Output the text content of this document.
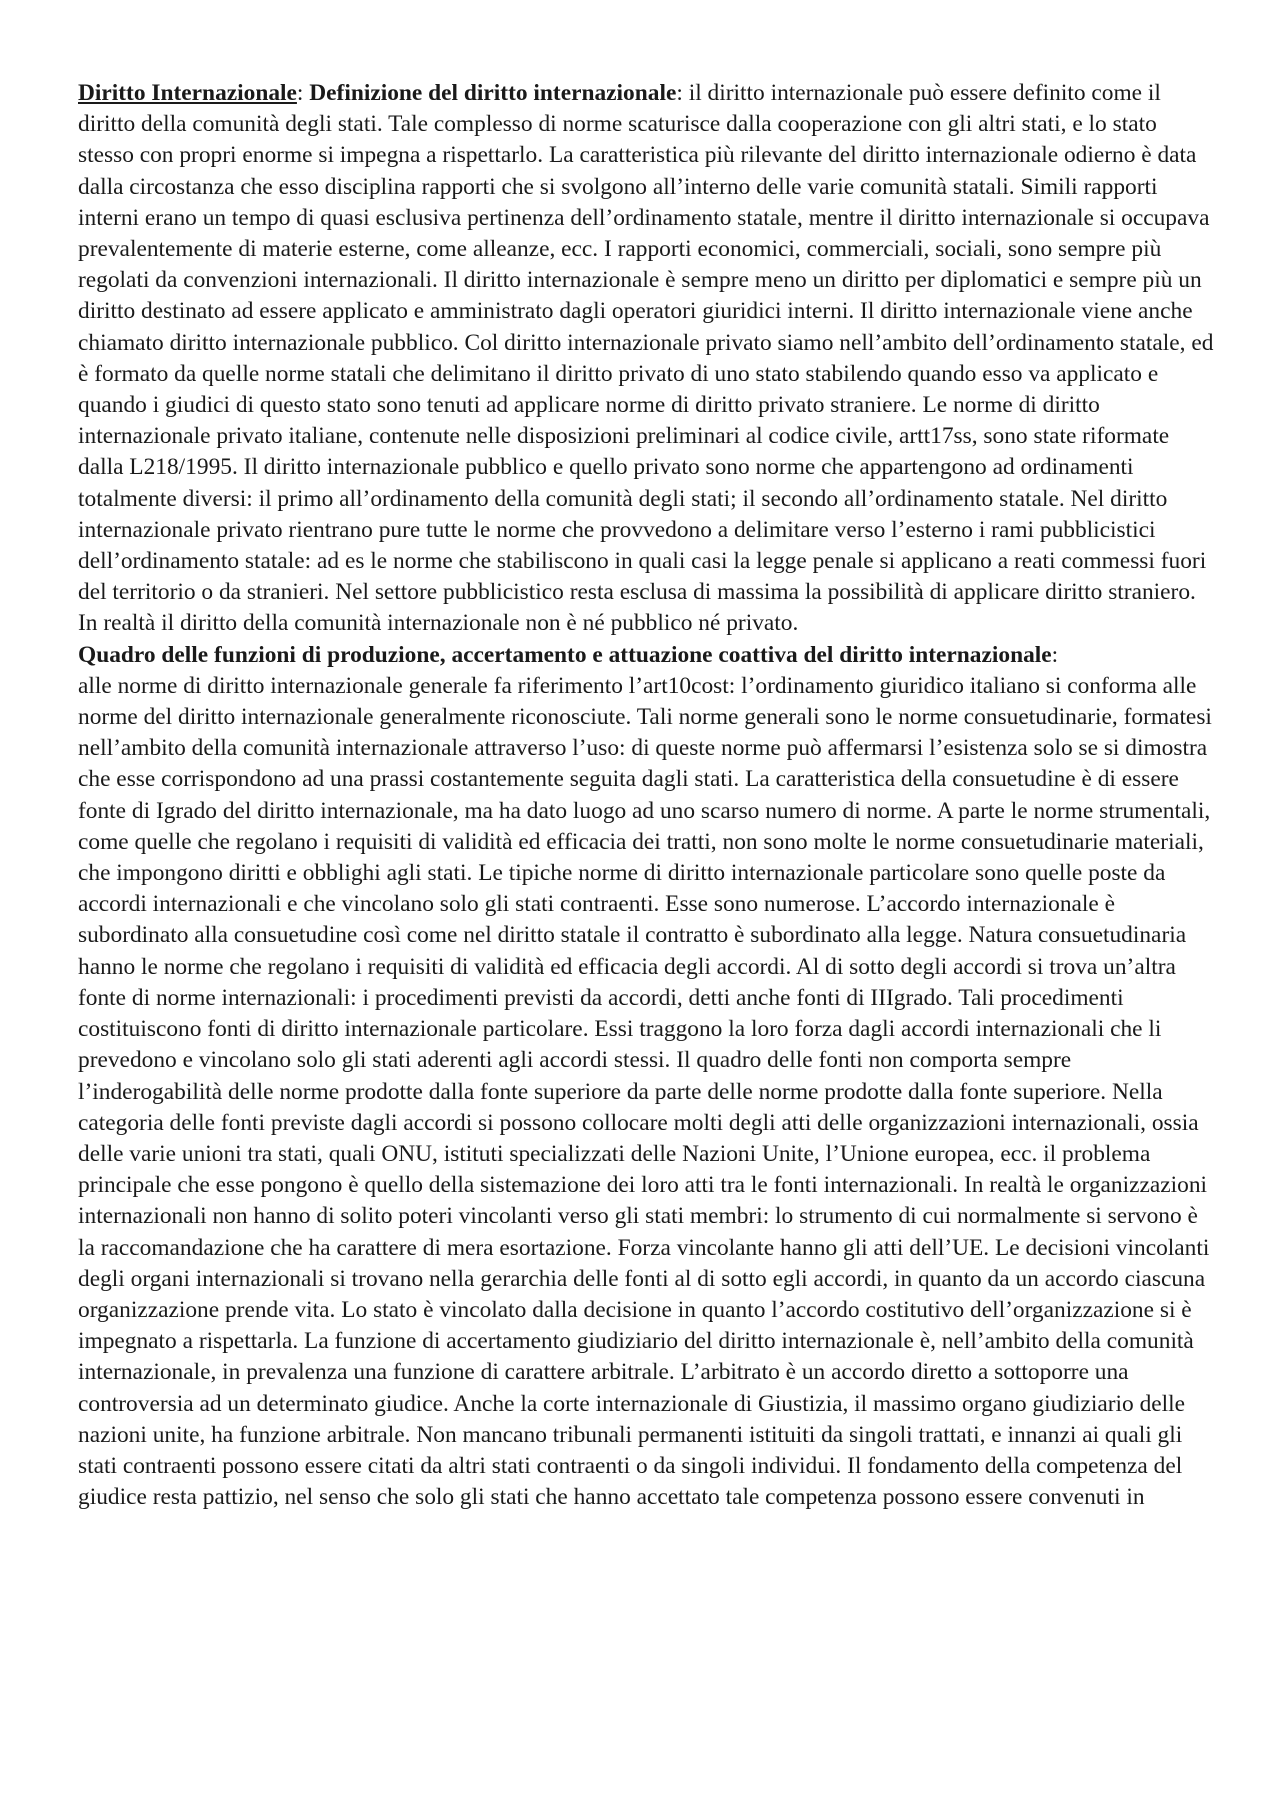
Diritto Internazionale: Definizione del diritto internazionale: il diritto internazionale può essere definito come il diritto della comunità degli stati. Tale complesso di norme scaturisce dalla cooperazione con gli altri stati, e lo stato stesso con propri enorme si impegna a rispettarlo. La caratteristica più rilevante del diritto internazionale odierno è data dalla circostanza che esso disciplina rapporti che si svolgono all’interno delle varie comunità statali. Simili rapporti interni erano un tempo di quasi esclusiva pertinenza dell’ordinamento statale, mentre il diritto internazionale si occupava prevalentemente di materie esterne, come alleanze, ecc. I rapporti economici, commerciali, sociali, sono sempre più regolati da convenzioni internazionali. Il diritto internazionale è sempre meno un diritto per diplomatici e sempre più un diritto destinato ad essere applicato e amministrato dagli operatori giuridici interni. Il diritto internazionale viene anche chiamato diritto internazionale pubblico. Col diritto internazionale privato siamo nell’ambito dell’ordinamento statale, ed è formato da quelle norme statali che delimitano il diritto privato di uno stato stabilendo quando esso va applicato e quando i giudici di questo stato sono tenuti ad applicare norme di diritto privato straniere. Le norme di diritto internazionale privato italiane, contenute nelle disposizioni preliminari al codice civile, artt17ss, sono state riformate dalla L218/1995. Il diritto internazionale pubblico e quello privato sono norme che appartengono ad ordinamenti totalmente diversi: il primo all’ordinamento della comunità degli stati; il secondo all’ordinamento statale. Nel diritto internazionale privato rientrano pure tutte le norme che provvedono a delimitare verso l’esterno i rami pubblicistici dell’ordinamento statale: ad es le norme che stabiliscono in quali casi la legge penale si applicano a reati commessi fuori del territorio o da stranieri. Nel settore pubblicistico resta esclusa di massima la possibilità di applicare diritto straniero. In realtà il diritto della comunità internazionale non è né pubblico né privato.

Quadro delle funzioni di produzione, accertamento e attuazione coattiva del diritto internazionale:
alle norme di diritto internazionale generale fa riferimento l’art10cost: l’ordinamento giuridico italiano si conforma alle norme del diritto internazionale generalmente riconosciute. Tali norme generali sono le norme consuetudinarie, formatesi nell’ambito della comunità internazionale attraverso l’uso: di queste norme può affermarsi l’esistenza solo se si dimostra che esse corrispondono ad una prassi costantemente seguita dagli stati. La caratteristica della consuetudine è di essere fonte di Igrado del diritto internazionale, ma ha dato luogo ad uno scarso numero di norme. A parte le norme strumentali, come quelle che regolano i requisiti di validità ed efficacia dei tratti, non sono molte le norme consuetudinarie materiali, che impongono diritti e obblighi agli stati. Le tipiche norme di diritto internazionale particolare sono quelle poste da accordi internazionali e che vincolano solo gli stati contraenti. Esse sono numerose. L’accordo internazionale è subordinato alla consuetudine così come nel diritto statale il contratto è subordinato alla legge. Natura consuetudinaria hanno le norme che regolano i requisiti di validità ed efficacia degli accordi. Al di sotto degli accordi si trova un’altra fonte di norme internazionali: i procedimenti previsti da accordi, detti anche fonti di IIIgrado. Tali procedimenti costituiscono fonti di diritto internazionale particolare. Essi traggono la loro forza dagli accordi internazionali che li prevedono e vincolano solo gli stati aderenti agli accordi stessi. Il quadro delle fonti non comporta sempre l’inderogabilità delle norme prodotte dalla fonte superiore da parte delle norme prodotte dalla fonte superiore. Nella categoria delle fonti previste dagli accordi si possono collocare molti degli atti delle organizzazioni internazionali, ossia delle varie unioni tra stati, quali ONU, istituti specializzati delle Nazioni Unite, l’Unione europea, ecc. il problema principale che esse pongono è quello della sistemazione dei loro atti tra le fonti internazionali. In realtà le organizzazioni internazionali non hanno di solito poteri vincolanti verso gli stati membri: lo strumento di cui normalmente si servono è la raccomandazione che ha carattere di mera esortazione. Forza vincolante hanno gli atti dell’UE. Le decisioni vincolanti degli organi internazionali si trovano nella gerarchia delle fonti al di sotto egli accordi, in quanto da un accordo ciascuna organizzazione prende vita. Lo stato è vincolato dalla decisione in quanto l’accordo costitutivo dell’organizzazione si è impegnato a rispettarla. La funzione di accertamento giudiziario del diritto internazionale è, nell’ambito della comunità internazionale, in prevalenza una funzione di carattere arbitrale. L’arbitrato è un accordo diretto a sottoporre una controversia ad un determinato giudice. Anche la corte internazionale di Giustizia, il massimo organo giudiziario delle nazioni unite, ha funzione arbitrale. Non mancano tribunali permanenti istituiti da singoli trattati, e innanzi ai quali gli stati contraenti possono essere citati da altri stati contraenti o da singoli individui. Il fondamento della competenza del giudice resta pattizio, nel senso che solo gli stati che hanno accettato tale competenza possono essere convenuti in
